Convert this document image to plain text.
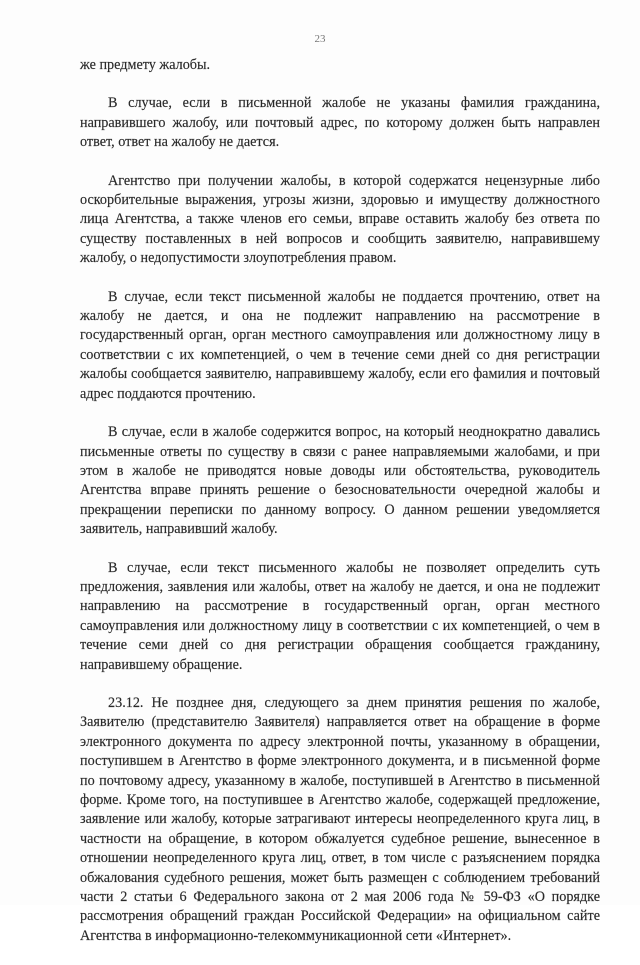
23

же предмету жалобы.

В случае, если в письменной жалобе не указаны фамилия гражданина, направившего жалобу, или почтовый адрес, по которому должен быть направлен ответ, ответ на жалобу не дается.

Агентство при получении жалобы, в которой содержатся нецензурные либо оскорбительные выражения, угрозы жизни, здоровью и имуществу должностного лица Агентства, а также членов его семьи, вправе оставить жалобу без ответа по существу поставленных в ней вопросов и сообщить заявителю, направившему жалобу, о недопустимости злоупотребления правом.

В случае, если текст письменной жалобы не поддается прочтению, ответ на жалобу не дается, и она не подлежит направлению на рассмотрение в государственный орган, орган местного самоуправления или должностному лицу в соответствии с их компетенцией, о чем в течение семи дней со дня регистрации жалобы сообщается заявителю, направившему жалобу, если его фамилия и почтовый адрес поддаются прочтению.

В случае, если в жалобе содержится вопрос, на который неоднократно давались письменные ответы по существу в связи с ранее направляемыми жалобами, и при этом в жалобе не приводятся новые доводы или обстоятельства, руководитель Агентства вправе принять решение о безосновательности очередной жалобы и прекращении переписки по данному вопросу. О данном решении уведомляется заявитель, направивший жалобу.

В случае, если текст письменного жалобы не позволяет определить суть предложения, заявления или жалобы, ответ на жалобу не дается, и она не подлежит направлению на рассмотрение в государственный орган, орган местного самоуправления или должностному лицу в соответствии с их компетенцией, о чем в течение семи дней со дня регистрации обращения сообщается гражданину, направившему обращение.

23.12. Не позднее дня, следующего за днем принятия решения по жалобе, Заявителю (представителю Заявителя) направляется ответ на обращение в форме электронного документа по адресу электронной почты, указанному в обращении, поступившем в Агентство в форме электронного документа, и в письменной форме по почтовому адресу, указанному в жалобе, поступившей в Агентство в письменной форме. Кроме того, на поступившее в Агентство жалобе, содержащей предложение, заявление или жалобу, которые затрагивают интересы неопределенного круга лиц, в частности на обращение, в котором обжалуется судебное решение, вынесенное в отношении неопределенного круга лиц, ответ, в том числе с разъяснением порядка обжалования судебного решения, может быть размещен с соблюдением требований части 2 статьи 6 Федерального закона от 2 мая 2006 года № 59-ФЗ «О порядке рассмотрения обращений граждан Российской Федерации» на официальном сайте Агентства в информационно-телекоммуникационной сети «Интернет».
